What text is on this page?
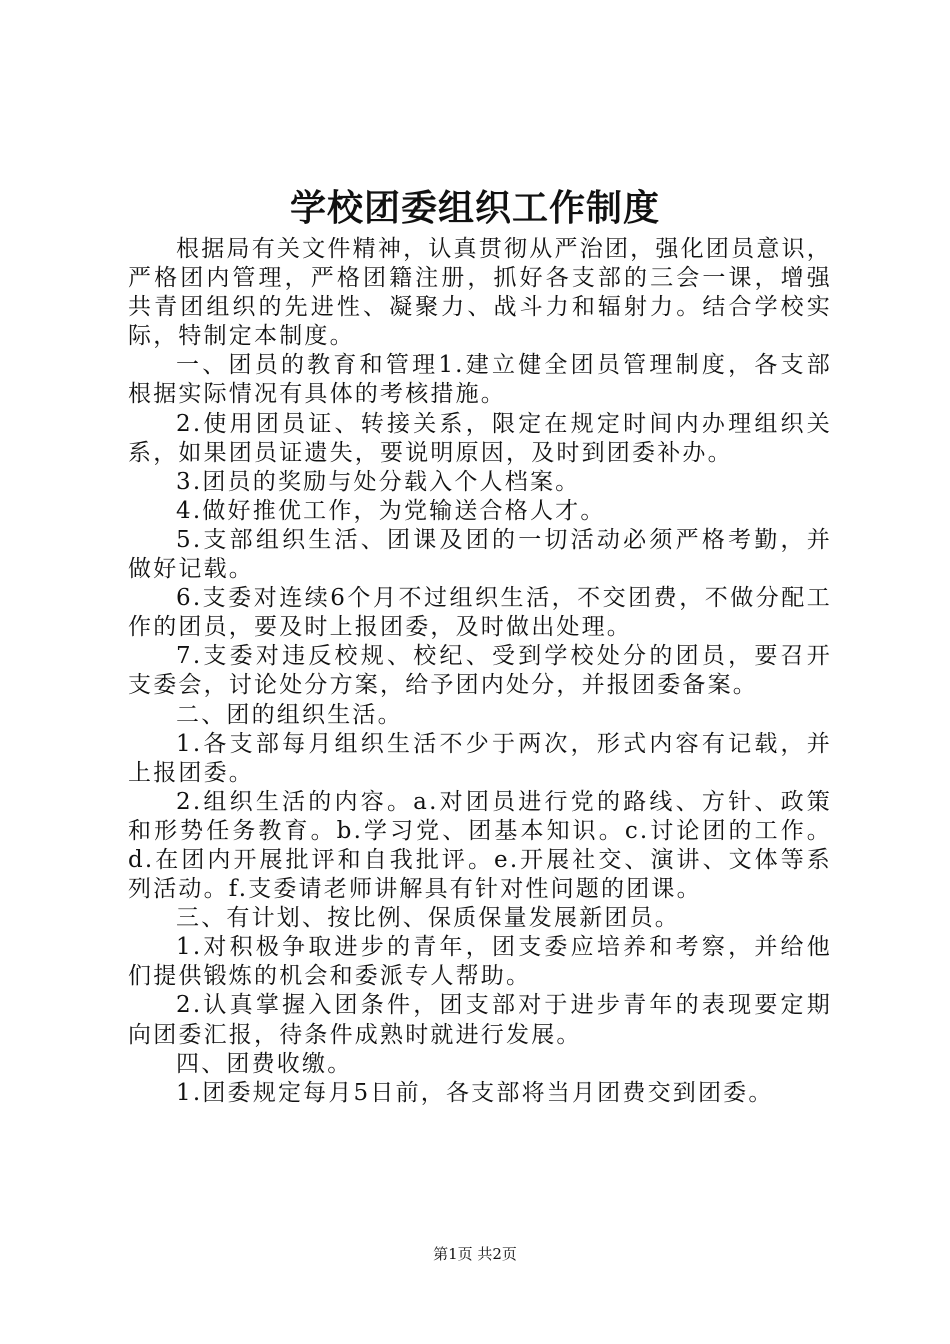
学校团委组织工作制度

根据局有关文件精神，认真贯彻从严治团，强化团员意识，严格团内管理，严格团籍注册，抓好各支部的三会一课，增强共青团组织的先进性、凝聚力、战斗力和辐射力。结合学校实际，特制定本制度。

一、团员的教育和管理1.建立健全团员管理制度，各支部根据实际情况有具体的考核措施。

2.使用团员证、转接关系，限定在规定时间内办理组织关系，如果团员证遗失，要说明原因，及时到团委补办。

3.团员的奖励与处分载入个人档案。

4.做好推优工作，为党输送合格人才。

5.支部组织生活、团课及团的一切活动必须严格考勤，并做好记载。

6.支委对连续6个月不过组织生活，不交团费，不做分配工作的团员，要及时上报团委，及时做出处理。

7.支委对违反校规、校纪、受到学校处分的团员，要召开支委会，讨论处分方案，给予团内处分，并报团委备案。

二、团的组织生活。

1.各支部每月组织生活不少于两次，形式内容有记载，并上报团委。

2.组织生活的内容。a.对团员进行党的路线、方针、政策和形势任务教育。b.学习党、团基本知识。c.讨论团的工作。d.在团内开展批评和自我批评。e.开展社交、演讲、文体等系列活动。f.支委请老师讲解具有针对性问题的团课。

三、有计划、按比例、保质保量发展新团员。

1.对积极争取进步的青年，团支委应培养和考察，并给他们提供锻炼的机会和委派专人帮助。

2.认真掌握入团条件，团支部对于进步青年的表现要定期向团委汇报，待条件成熟时就进行发展。

四、团费收缴。

1.团委规定每月5日前，各支部将当月团费交到团委。

第1页 共2页
